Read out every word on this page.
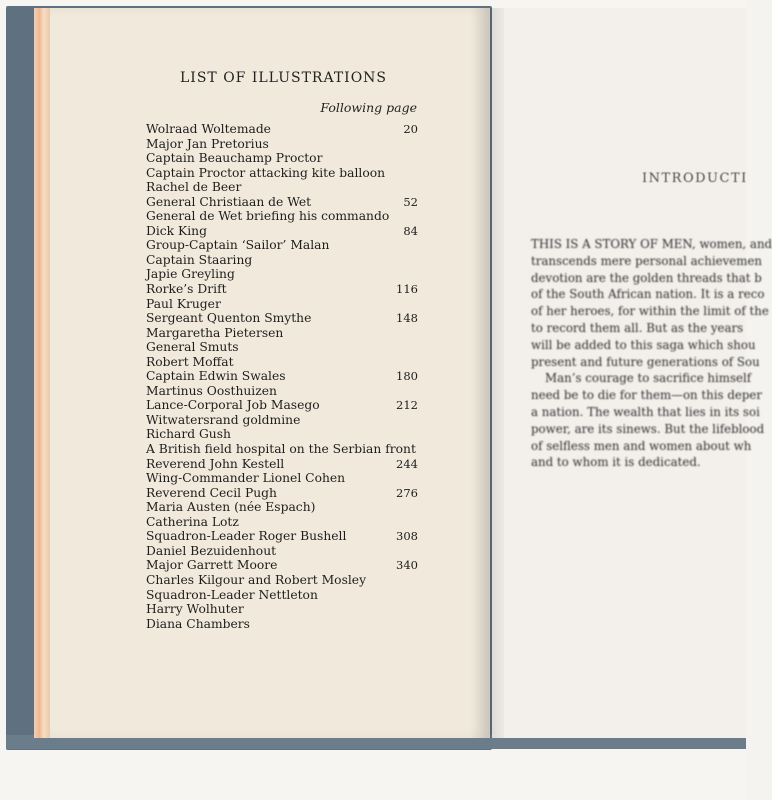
LIST OF ILLUSTRATIONS
Following page
Wolraad Woltemade	20
Major Jan Pretorius
Captain Beauchamp Proctor
Captain Proctor attacking kite balloon
Rachel de Beer
General Christiaan de Wet	52
General de Wet briefing his commando
Dick King	84
Group-Captain ‘Sailor’ Malan
Captain Staaring
Japie Greyling
Rorke’s Drift	116
Paul Kruger
Sergeant Quenton Smythe	148
Margaretha Pietersen
General Smuts
Robert Moffat
Captain Edwin Swales	180
Martinus Oosthuizen
Lance-Corporal Job Masego	212
Witwatersrand goldmine
Richard Gush
A British field hospital on the Serbian front
Reverend John Kestell	244
Wing-Commander Lionel Cohen
Reverend Cecil Pugh	276
Maria Austen (née Espach)
Catherina Lotz
Squadron-Leader Roger Bushell	308
Daniel Bezuidenhout
Major Garrett Moore	340
Charles Kilgour and Robert Mosley
Squadron-Leader Nettleton
Harry Wolhuter
Diana Chambers
INTRODUCTI
THIS IS A STORY OF MEN, women, and
transcends mere personal achievemen
devotion are the golden threads that b
of the South African nation. It is a reco
of her heroes, for within the limit of the
to record them all. But as the years
will be added to this saga which shou
present and future generations of Sou
Man’s courage to sacrifice himself
need be to die for them—on this deper
a nation. The wealth that lies in its soi
power, are its sinews. But the lifeblood
of selfless men and women about wh
and to whom it is dedicated.
